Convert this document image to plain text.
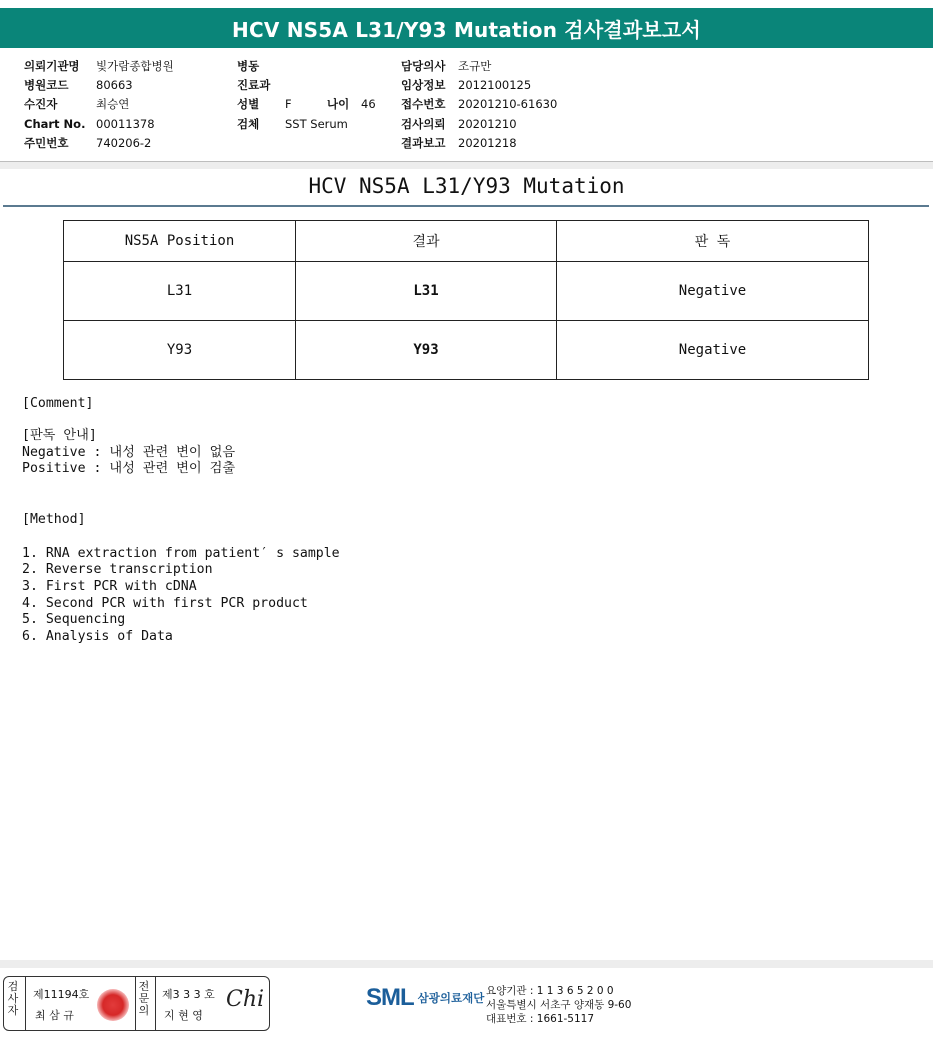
HCV NS5A L31/Y93 Mutation 검사결과보고서
의뢰기관명	빛가람종합병원
병원코드	80663
수진자	최승연
Chart No. 00011378
주민번호	740206-2
병동
진료과
성별	F	나이	46
검체	SST Serum
담당의사	조규만
임상정보	2012100125
접수번호	20201210-61630
검사의뢰	20201210
결과보고	20201218
HCV NS5A L31/Y93 Mutation
NS5A Position	결과	판 독
L31	L31	Negative
Y93	Y93	Negative
[Comment]
[판독 안내]
Negative : 내성 관련 변이 없음
Positive : 내성 관련 변이 검출
[Method]
1. RNA extraction from patient′ s sample
2. Reverse transcription
3. First PCR with cDNA
4. Second PCR with first PCR product
5. Sequencing
6. Analysis of Data
검사자
제11194호
최 삼 규
전문의
제3 3 3 호
지 현 영
Chi	SML 삼광의료재단 요양기관 : 1 1 3 6 5 2 0 0
서울특별시 서초구 양재동 9-60
대표번호 : 1661-5117
